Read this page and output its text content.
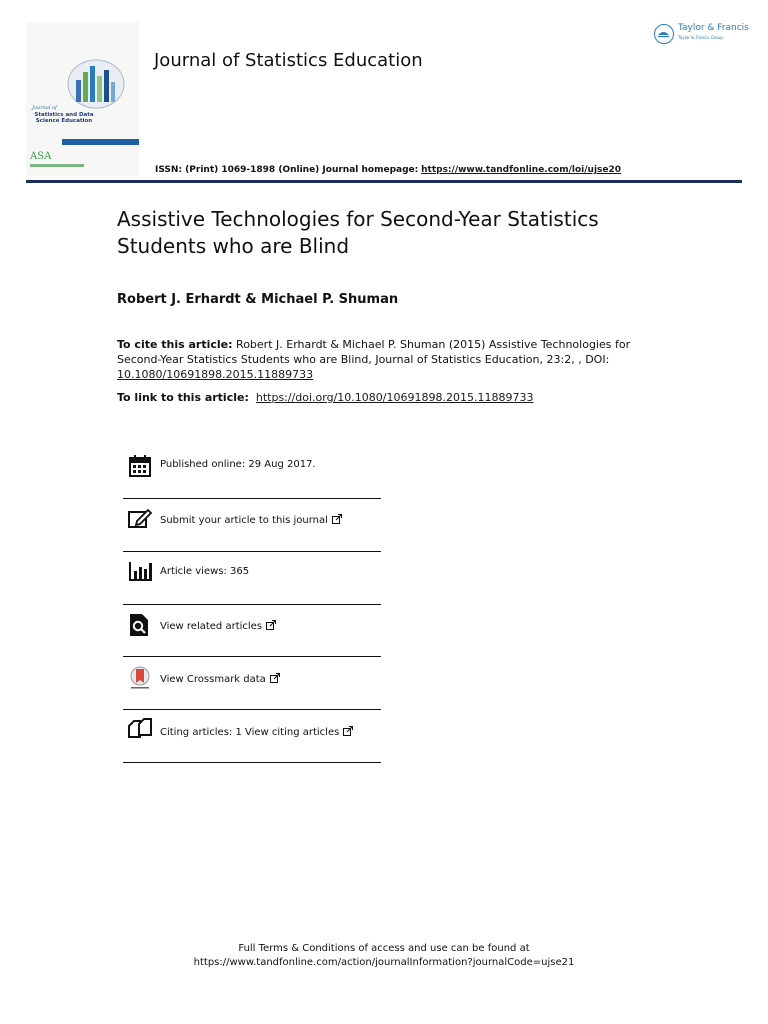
Journal of
Statistics and Data Science Education
ASA
Journal of Statistics Education
Taylor & Francis
Taylor & Francis Group
ISSN: (Print) 1069-1898 (Online) Journal homepage: https://www.tandfonline.com/loi/ujse20
Assistive Technologies for Second-Year Statistics Students who are Blind
Robert J. Erhardt & Michael P. Shuman
To cite this article: Robert J. Erhardt & Michael P. Shuman (2015) Assistive Technologies for Second-Year Statistics Students who are Blind, Journal of Statistics Education, 23:2, , DOI: 10.1080/10691898.2015.11889733
To link to this article: https://doi.org/10.1080/10691898.2015.11889733
Published online: 29 Aug 2017.
Submit your article to this journal
Article views: 365
View related articles
View Crossmark data
Citing articles: 1 View citing articles
Full Terms & Conditions of access and use can be found at
https://www.tandfonline.com/action/journalInformation?journalCode=ujse21
